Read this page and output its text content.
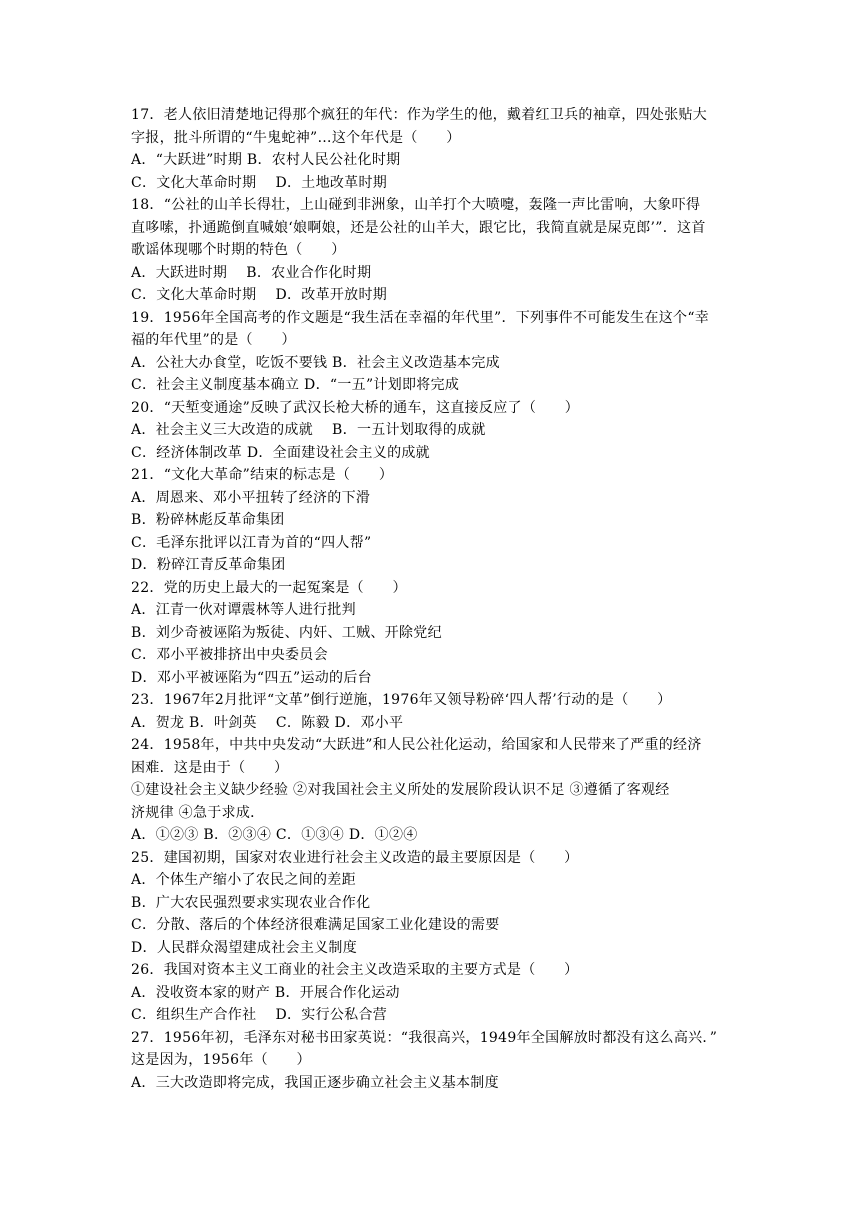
17．老人依旧清楚地记得那个疯狂的年代：作为学生的他，戴着红卫兵的袖章，四处张贴大
字报，批斗所谓的“牛鬼蛇神”…这个年代是（　　）
A．“大跃进”时期 B．农村人民公社化时期
C．文化大革命时期　 D．土地改革时期
18．“公社的山羊长得壮，上山碰到非洲象，山羊打个大喷嚏，轰隆一声比雷响，大象吓得
直哆嗦，扑通跪倒直喊娘‘娘啊娘，还是公社的山羊大，跟它比，我简直就是屎克郎’”．这首
歌谣体现哪个时期的特色（　　）
A．大跃进时期　 B．农业合作化时期
C．文化大革命时期　 D．改革开放时期
19．1956年全国高考的作文题是“我生活在幸福的年代里”．下列事件不可能发生在这个“幸
福的年代里”的是（　　）
A．公社大办食堂，吃饭不要钱 B．社会主义改造基本完成
C．社会主义制度基本确立 D．“一五”计划即将完成
20．“天堑变通途”反映了武汉长枪大桥的通车，这直接反应了（　　）
A．社会主义三大改造的成就　 B．一五计划取得的成就
C．经济体制改革 D．全面建设社会主义的成就
21．“文化大革命”结束的标志是（　　）
A．周恩来、邓小平扭转了经济的下滑
B．粉碎林彪反革命集团
C．毛泽东批评以江青为首的“四人帮”
D．粉碎江青反革命集团
22．党的历史上最大的一起冤案是（　　）
A．江青一伙对谭震林等人进行批判
B．刘少奇被诬陷为叛徒、内奸、工贼、开除党纪
C．邓小平被排挤出中央委员会
D．邓小平被诬陷为“四五”运动的后台
23．1967年2月批评“文革”倒行逆施，1976年又领导粉碎‘四人帮’行动的是（　　）
A．贺龙 B．叶剑英　 C．陈毅 D．邓小平
24．1958年，中共中央发动“大跃进”和人民公社化运动，给国家和人民带来了严重的经济
困难．这是由于（　　）
①建设社会主义缺少经验 ②对我国社会主义所处的发展阶段认识不足 ③遵循了客观经
济规律 ④急于求成．
A．①②③ B．②③④ C．①③④ D．①②④
25．建国初期，国家对农业进行社会主义改造的最主要原因是（　　）
A．个体生产缩小了农民之间的差距
B．广大农民强烈要求实现农业合作化
C．分散、落后的个体经济很难满足国家工业化建设的需要
D．人民群众渴望建成社会主义制度
26．我国对资本主义工商业的社会主义改造采取的主要方式是（　　）
A．没收资本家的财产 B．开展合作化运动
C．组织生产合作社　 D．实行公私合营
27．1956年初，毛泽东对秘书田家英说：“我很高兴，1949年全国解放时都没有这么高兴．”
这是因为，1956年（　　）
A．三大改造即将完成，我国正逐步确立社会主义基本制度
